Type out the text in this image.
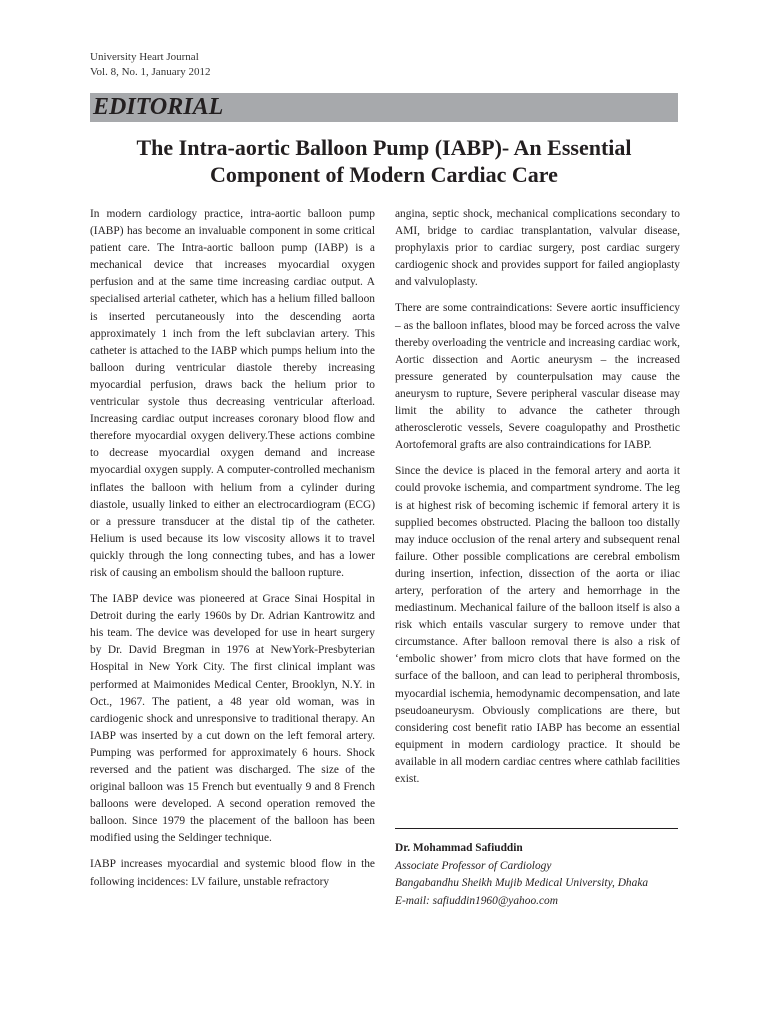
University Heart Journal
Vol. 8, No. 1, January 2012
EDITORIAL
The Intra-aortic Balloon Pump (IABP)- An Essential
Component of Modern Cardiac Care

In modern cardiology practice, intra-aortic balloon pump (IABP) has become an invaluable component in some critical patient care. The Intra-aortic balloon pump (IABP) is a mechanical device that increases myocardial oxygen perfusion and at the same time increasing cardiac output. A specialised arterial catheter, which has a helium filled balloon is inserted percutaneously into the descending aorta approximately 1 inch from the left subclavian artery. This catheter is attached to the IABP which pumps helium into the balloon during ventricular diastole thereby increasing myocardial perfusion, draws back the helium prior to ventricular systole thus decreasing ventricular afterload. Increasing cardiac output increases coronary blood flow and therefore myocardial oxygen delivery.These actions combine to decrease myocardial oxygen demand and increase myocardial oxygen supply. A computer-controlled mechanism inflates the balloon with helium from a cylinder during diastole, usually linked to either an electrocardiogram (ECG) or a pressure transducer at the distal tip of the catheter. Helium is used because its low viscosity allows it to travel quickly through the long connecting tubes, and has a lower risk of causing an embolism should the balloon rupture.

The IABP device was pioneered at Grace Sinai Hospital in Detroit during the early 1960s by Dr. Adrian Kantrowitz and his team. The device was developed for use in heart surgery by Dr. David Bregman in 1976 at NewYork-Presbyterian Hospital in New York City. The first clinical implant was performed at Maimonides Medical Center, Brooklyn, N.Y. in Oct., 1967. The patient, a 48 year old woman, was in cardiogenic shock and unresponsive to traditional therapy. An IABP was inserted by a cut down on the left femoral artery. Pumping was performed for approximately 6 hours. Shock reversed and the patient was discharged. The size of the original balloon was 15 French but eventually 9 and 8 French balloons were developed. A second operation removed the balloon. Since 1979 the placement of the balloon has been modified using the Seldinger technique.

IABP increases myocardial and systemic blood flow in the following incidences: LV failure, unstable refractory

angina, septic shock, mechanical complications secondary to AMI, bridge to cardiac transplantation, valvular disease, prophylaxis prior to cardiac surgery, post cardiac surgery cardiogenic shock and provides support for failed angioplasty and valvuloplasty.

There are some contraindications: Severe aortic insufficiency – as the balloon inflates, blood may be forced across the valve thereby overloading the ventricle and increasing cardiac work, Aortic dissection and Aortic aneurysm – the increased pressure generated by counterpulsation may cause the aneurysm to rupture, Severe peripheral vascular disease may limit the ability to advance the catheter through atherosclerotic vessels, Severe coagulopathy and Prosthetic Aortofemoral grafts are also contraindications for IABP.

Since the device is placed in the femoral artery and aorta it could provoke ischemia, and compartment syndrome. The leg is at highest risk of becoming ischemic if femoral artery it is supplied becomes obstructed. Placing the balloon too distally may induce occlusion of the renal artery and subsequent renal failure. Other possible complications are cerebral embolism during insertion, infection, dissection of the aorta or iliac artery, perforation of the artery and hemorrhage in the mediastinum. Mechanical failure of the balloon itself is also a risk which entails vascular surgery to remove under that circumstance. After balloon removal there is also a risk of ‘embolic shower’ from micro clots that have formed on the surface of the balloon, and can lead to peripheral thrombosis, myocardial ischemia, hemodynamic decompensation, and late pseudoaneurysm. Obviously complications are there, but considering cost benefit ratio IABP has become an essential equipment in modern cardiology practice. It should be available in all modern cardiac centres where cathlab facilities exist.

Dr. Mohammad Safiuddin
Associate Professor of Cardiology
Bangabandhu Sheikh Mujib Medical University, Dhaka
E-mail: safiuddin1960@yahoo.com
